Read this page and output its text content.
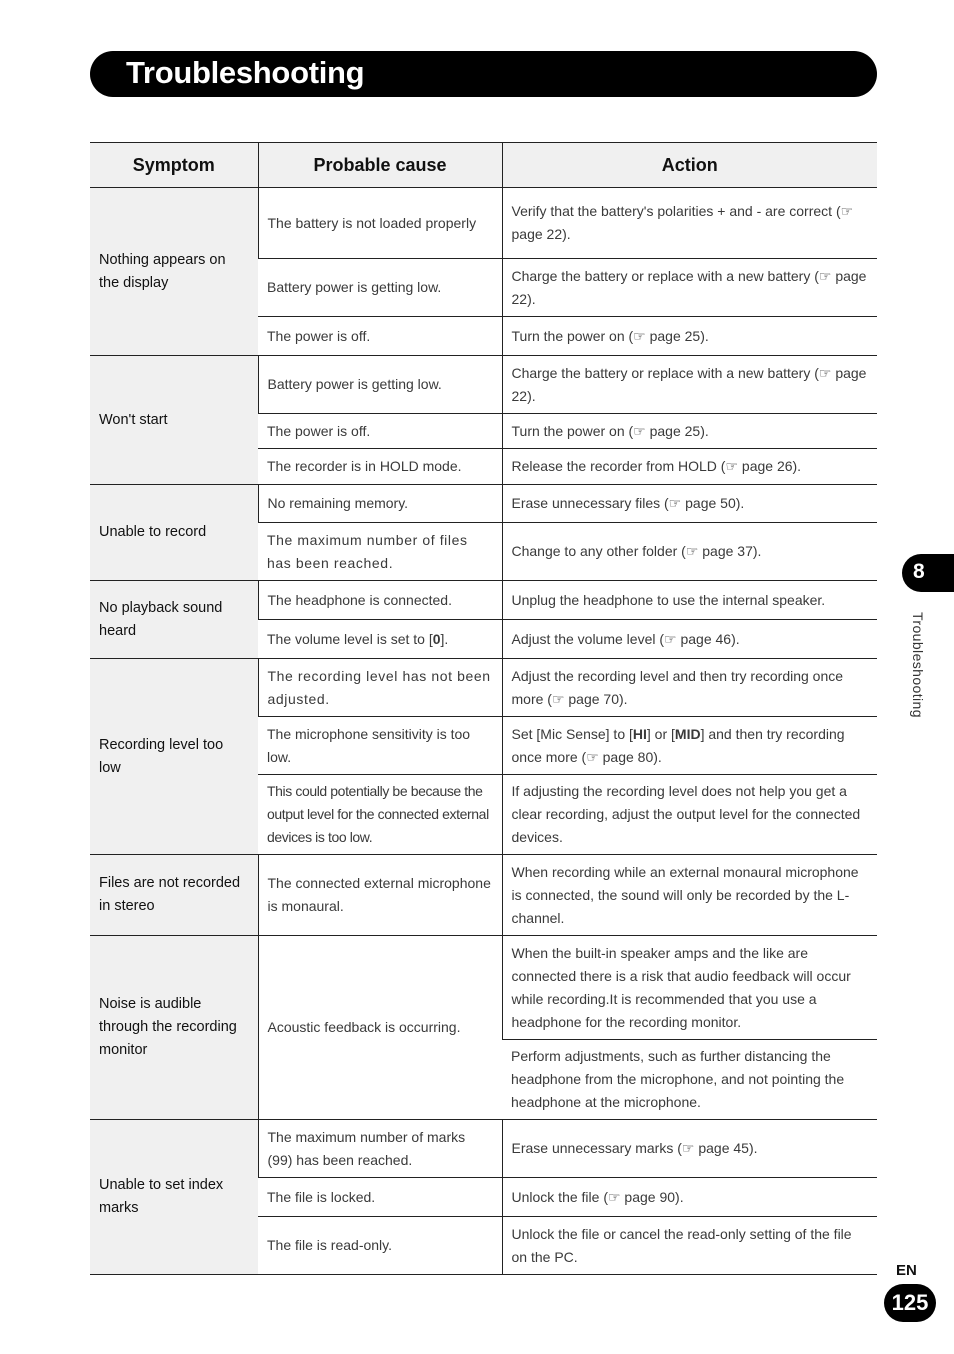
Troubleshooting
Symptom	Probable cause	Action
Nothing appears on the display	The battery is not loaded properly	Verify that the battery's polarities + and - are correct (☞ page 22).
	Battery power is getting low.	Charge the battery or replace with a new battery (☞ page 22).
	The power is off.	Turn the power on (☞ page 25).
Won't start	Battery power is getting low.	Charge the battery or replace with a new battery (☞ page 22).
	The power is off.	Turn the power on (☞ page 25).
	The recorder is in HOLD mode.	Release the recorder from HOLD (☞ page 26).
Unable to record	No remaining memory.	Erase unnecessary files (☞ page 50).
	The maximum number of files has been reached.	Change to any other folder (☞ page 37).
No playback sound heard	The headphone is connected.	Unplug the headphone to use the internal speaker.
	The volume level is set to [0].	Adjust the volume level (☞ page 46).
Recording level too low	The recording level has not been adjusted.	Adjust the recording level and then try recording once more (☞ page 70).
	The microphone sensitivity is too low.	Set [Mic Sense] to [HI] or [MID] and then try recording once more (☞ page 80).
	This could potentially be because the output level for the connected external devices is too low.	If adjusting the recording level does not help you get a clear recording, adjust the output level for the connected devices.
Files are not recorded in stereo	The connected external microphone is monaural.	When recording while an external monaural microphone is connected, the sound will only be recorded by the L-channel.
Noise is audible through the recording monitor	Acoustic feedback is occurring.	When the built-in speaker amps and the like are connected there is a risk that audio feedback will occur while recording.It is recommended that you use a headphone for the recording monitor.
		Perform adjustments, such as further distancing the headphone from the microphone, and not pointing the headphone at the microphone.
Unable to set index marks	The maximum number of marks (99) has been reached.	Erase unnecessary marks (☞ page 45).
	The file is locked.	Unlock the file (☞ page 90).
	The file is read-only.	Unlock the file or cancel the read-only setting of the file on the PC.
8
Troubleshooting
EN
125
